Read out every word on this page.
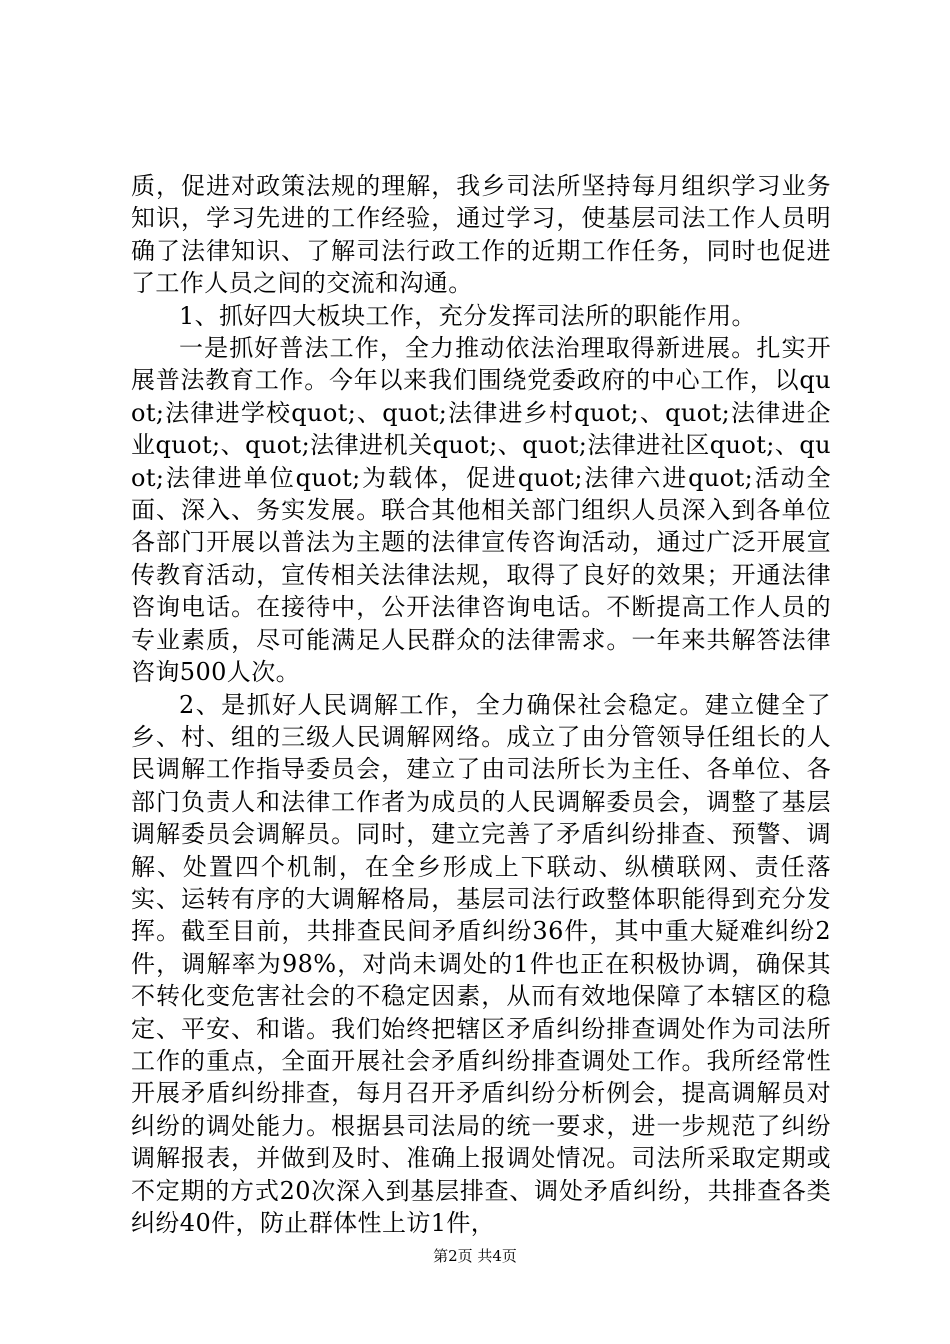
质，促进对政策法规的理解，我乡司法所坚持每月组织学习业务知识，学习先进的工作经验，通过学习，使基层司法工作人员明确了法律知识、了解司法行政工作的近期工作任务，同时也促进了工作人员之间的交流和沟通。

1、抓好四大板块工作，充分发挥司法所的职能作用。

一是抓好普法工作，全力推动依法治理取得新进展。扎实开展普法教育工作。今年以来我们围绕党委政府的中心工作，以quot;法律进学校quot;、quot;法律进乡村quot;、quot;法律进企业quot;、quot;法律进机关quot;、quot;法律进社区quot;、quot;法律进单位quot;为载体，促进quot;法律六进quot;活动全面、深入、务实发展。联合其他相关部门组织人员深入到各单位各部门开展以普法为主题的法律宣传咨询活动，通过广泛开展宣传教育活动，宣传相关法律法规，取得了良好的效果；开通法律咨询电话。在接待中，公开法律咨询电话。不断提高工作人员的专业素质，尽可能满足人民群众的法律需求。一年来共解答法律咨询500人次。

2、是抓好人民调解工作，全力确保社会稳定。建立健全了乡、村、组的三级人民调解网络。成立了由分管领导任组长的人民调解工作指导委员会，建立了由司法所长为主任、各单位、各部门负责人和法律工作者为成员的人民调解委员会，调整了基层调解委员会调解员。同时，建立完善了矛盾纠纷排查、预警、调解、处置四个机制，在全乡形成上下联动、纵横联网、责任落实、运转有序的大调解格局，基层司法行政整体职能得到充分发挥。截至目前，共排查民间矛盾纠纷36件，其中重大疑难纠纷2件，调解率为98%，对尚未调处的1件也正在积极协调，确保其不转化变危害社会的不稳定因素，从而有效地保障了本辖区的稳定、平安、和谐。我们始终把辖区矛盾纠纷排查调处作为司法所工作的重点，全面开展社会矛盾纠纷排查调处工作。我所经常性开展矛盾纠纷排查，每月召开矛盾纠纷分析例会，提高调解员对纠纷的调处能力。根据县司法局的统一要求，进一步规范了纠纷调解报表，并做到及时、准确上报调处情况。司法所采取定期或不定期的方式20次深入到基层排查、调处矛盾纠纷，共排查各类纠纷40件，防止群体性上访1件，

第2页 共4页
